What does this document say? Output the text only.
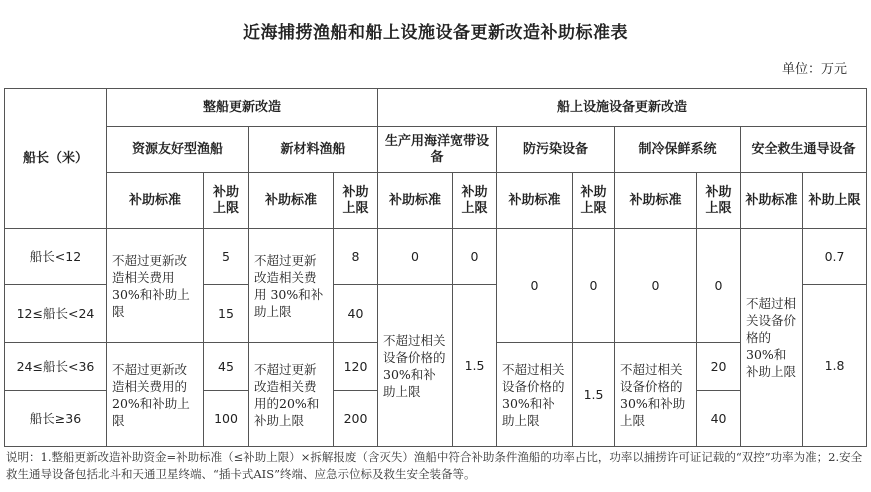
近海捕捞渔船和船上设施设备更新改造补助标准表
单位：万元
船长（米）	整船更新改造				船上设施设备更新改造							
	资源友好型渔船		新材料渔船		生产用海洋宽带设备		防污染设备		制冷保鲜系统		安全救生通导设备	
	补助标准	补助上限	补助标准	补助上限	补助标准	补助上限	补助标准	补助上限	补助标准	补助上限	补助标准	补助上限
船长<12	不超过更新改造相关费用30%和补助上限	5	不超过更新改造相关费用 30%和补助上限	8	0	0	0	0	0	0	不超过相关设备价格的30%和补助上限	0.7
12≤船长<24		15		40	不超过相关设备价格的30%和补助上限	1.5						1.8
24≤船长<36	不超过更新改造相关费用的 20%和补助上限	45	不超过更新改造相关费用的20%和补助上限	120			不超过相关设备价格的30%和补助上限	1.5	不超过相关设备价格的30%和补助上限	20		
船长≥36		100		200						40		
说明：1.整船更新改造补助资金=补助标准（≤补助上限）×拆解报废（含灭失）渔船中符合补助条件渔船的功率占比，功率以捕捞许可证记载的“双控”功率为准；2.安全救生通导设备包括北斗和天通卫星终端、“插卡式AIS”终端、应急示位标及救生安全装备等。
